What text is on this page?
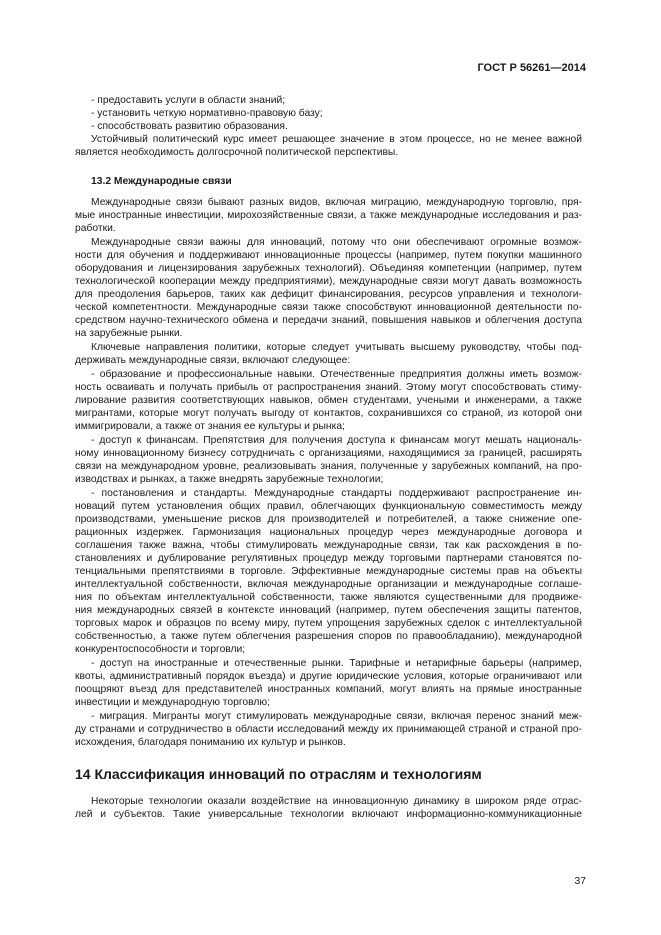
ГОСТ Р 56261—2014
- предоставить услуги в области знаний;
- установить четкую нормативно-правовую базу;
- способствовать развитию образования.
Устойчивый политический курс имеет решающее значение в этом процессе, но не менее важной
является необходимость долгосрочной политической перспективы.
13.2 Международные связи
Международные связи бывают разных видов, включая миграцию, международную торговлю, пря-
мые иностранные инвестиции, мирохозяйственные связи, а также международные исследования и раз-
работки.
Международные связи важны для инноваций, потому что они обеспечивают огромные возмож-
ности для обучения и поддерживают инновационные процессы (например, путем покупки машинного
оборудования и лицензирования зарубежных технологий). Объединяя компетенции (например, путем
технологической кооперации между предприятиями), международные связи могут давать возможность
для преодоления барьеров, таких как дефицит финансирования, ресурсов управления и технологи-
ческой компетентности. Международные связи также способствуют инновационной деятельности по-
средством научно-технического обмена и передачи знаний, повышения навыков и облегчения доступа
на зарубежные рынки.
Ключевые направления политики, которые следует учитывать высшему руководству, чтобы под-
держивать международные связи, включают следующее:
- образование и профессиональные навыки. Отечественные предприятия должны иметь возмож-
ность осваивать и получать прибыль от распространения знаний. Этому могут способствовать стиму-
лирование развития соответствующих навыков, обмен студентами, учеными и инженерами, а также
мигрантами, которые могут получать выгоду от контактов, сохранившихся со страной, из которой они
иммигрировали, а также от знания ее культуры и рынка;
- доступ к финансам. Препятствия для получения доступа к финансам могут мешать националь-
ному инновационному бизнесу сотрудничать с организациями, находящимися за границей, расширять
связи на международном уровне, реализовывать знания, полученные у зарубежных компаний, на про-
изводствах и рынках, а также внедрять зарубежные технологии;
- постановления и стандарты. Международные стандарты поддерживают распространение ин-
новаций путем установления общих правил, облегчающих функциональную совместимость между
производствами, уменьшение рисков для производителей и потребителей, а также снижение опе-
рационных издержек. Гармонизация национальных процедур через международные договора и
соглашения также важна, чтобы стимулировать международные связи, так как расхождения в по-
становлениях и дублирование регулятивных процедур между торговыми партнерами становятся по-
тенциальными препятствиями в торговле. Эффективные международные системы прав на объекты
интеллектуальной собственности, включая международные организации и международные соглаше-
ния по объектам интеллектуальной собственности, также являются существенными для продвиже-
ния международных связей в контексте инноваций (например, путем обеспечения защиты патентов,
торговых марок и образцов по всему миру, путем упрощения зарубежных сделок с интеллектуальной
собственностью, а также путем облегчения разрешения споров по правообладанию), международной
конкурентоспособности и торговли;
- доступ на иностранные и отечественные рынки. Тарифные и нетарифные барьеры (например,
квоты, административный порядок въезда) и другие юридические условия, которые ограничивают или
поощряют въезд для представителей иностранных компаний, могут влиять на прямые иностранные
инвестиции и международную торговлю;
- миграция. Мигранты могут стимулировать международные связи, включая перенос знаний меж-
ду странами и сотрудничество в области исследований между их принимающей страной и страной про-
исхождения, благодаря пониманию их культур и рынков.
14 Классификация инноваций по отраслям и технологиям
Некоторые технологии оказали воздействие на инновационную динамику в широком ряде отрас-
лей и субъектов. Такие универсальные технологии включают информационно-коммуникационные
37
